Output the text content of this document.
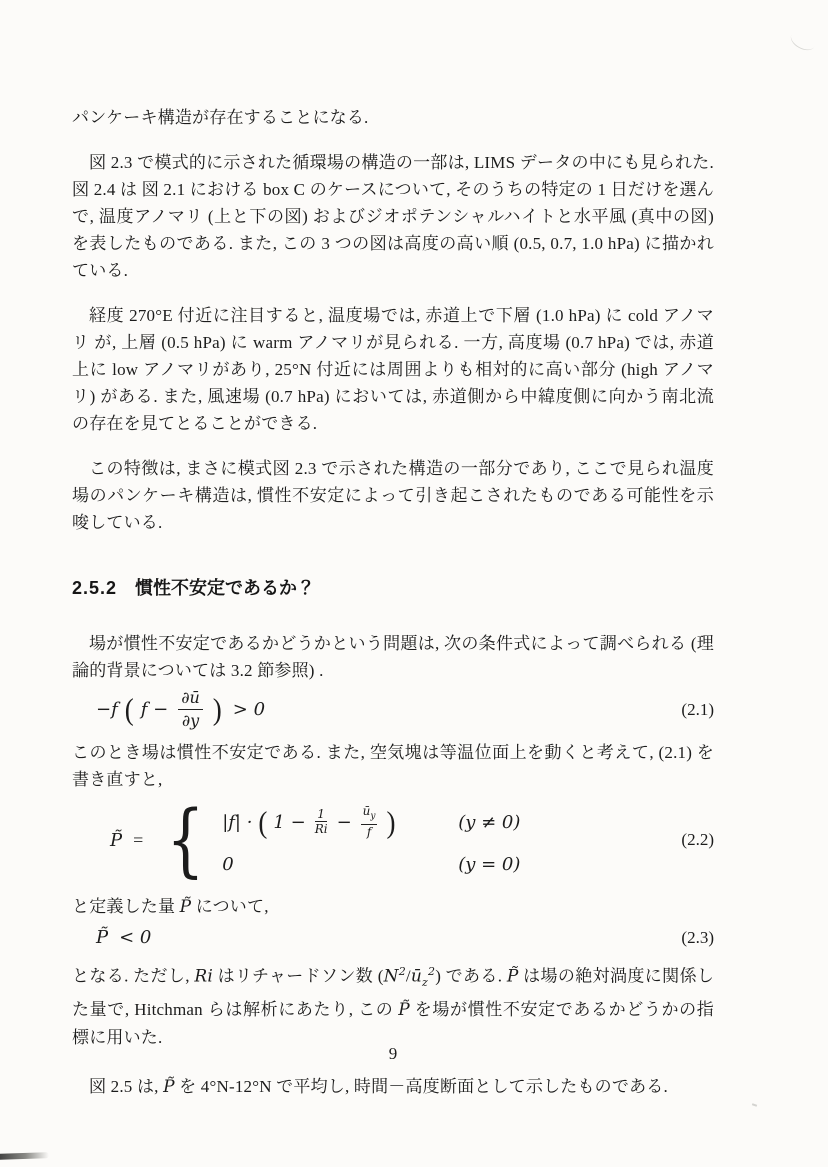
パンケーキ構造が存在することになる.

図 2.3 で模式的に示された循環場の構造の一部は, LIMS データの中にも見られた. 図 2.4 は 図 2.1 における box C のケースについて, そのうちの特定の 1 日だけを選んで, 温度アノマリ (上と下の図) およびジオポテンシャルハイトと水平風 (真中の図) を表したものである. また, この 3 つの図は高度の高い順 (0.5, 0.7, 1.0 hPa) に描かれている.

経度 270°E 付近に注目すると, 温度場では, 赤道上で下層 (1.0 hPa) に cold アノマリ が, 上層 (0.5 hPa) に warm アノマリが見られる. 一方, 高度場 (0.7 hPa) では, 赤道上に low アノマリがあり, 25°N 付近には周囲よりも相対的に高い部分 (high アノマリ) がある. また, 風速場 (0.7 hPa) においては, 赤道側から中緯度側に向かう南北流の存在を見てとることができる.

この特徴は, まさに模式図 2.3 で示された構造の一部分であり, ここで見られ温度場のパンケーキ構造は, 慣性不安定によって引き起こされたものである可能性を示唆している.

2.5.2 慣性不安定であるか？

場が慣性不安定であるかどうかという問題は, 次の条件式によって調べられる (理論的背景については 3.2 節参照) .

−f ( $f - \frac{\partial ū}{\partial y}$ ) > 0	(2.1)

このとき場は慣性不安定である. また, 空気塊は等温位面上を動くと考えて, (2.1) を書き直すと,

P̃ = { |f| · ( $1 - \frac{1}{Ri} - \frac{ū_y}{f}$ )	(y ≠ 0)
0	(y = 0)
(2.2)

と定義した量 P̃ について,

P̃ < 0	(2.3)

となる. ただし, Ri はリチャードソン数 $(N^2/ū_z^2)$ である. P̃ は場の絶対渦度に関係した量で, Hitchman らは解析にあたり, この P̃ を場が慣性不安定であるかどうかの指標に用いた.

図 2.5 は, P̃ を 4°N-12°N で平均し, 時間－高度断面として示したものである.

9
